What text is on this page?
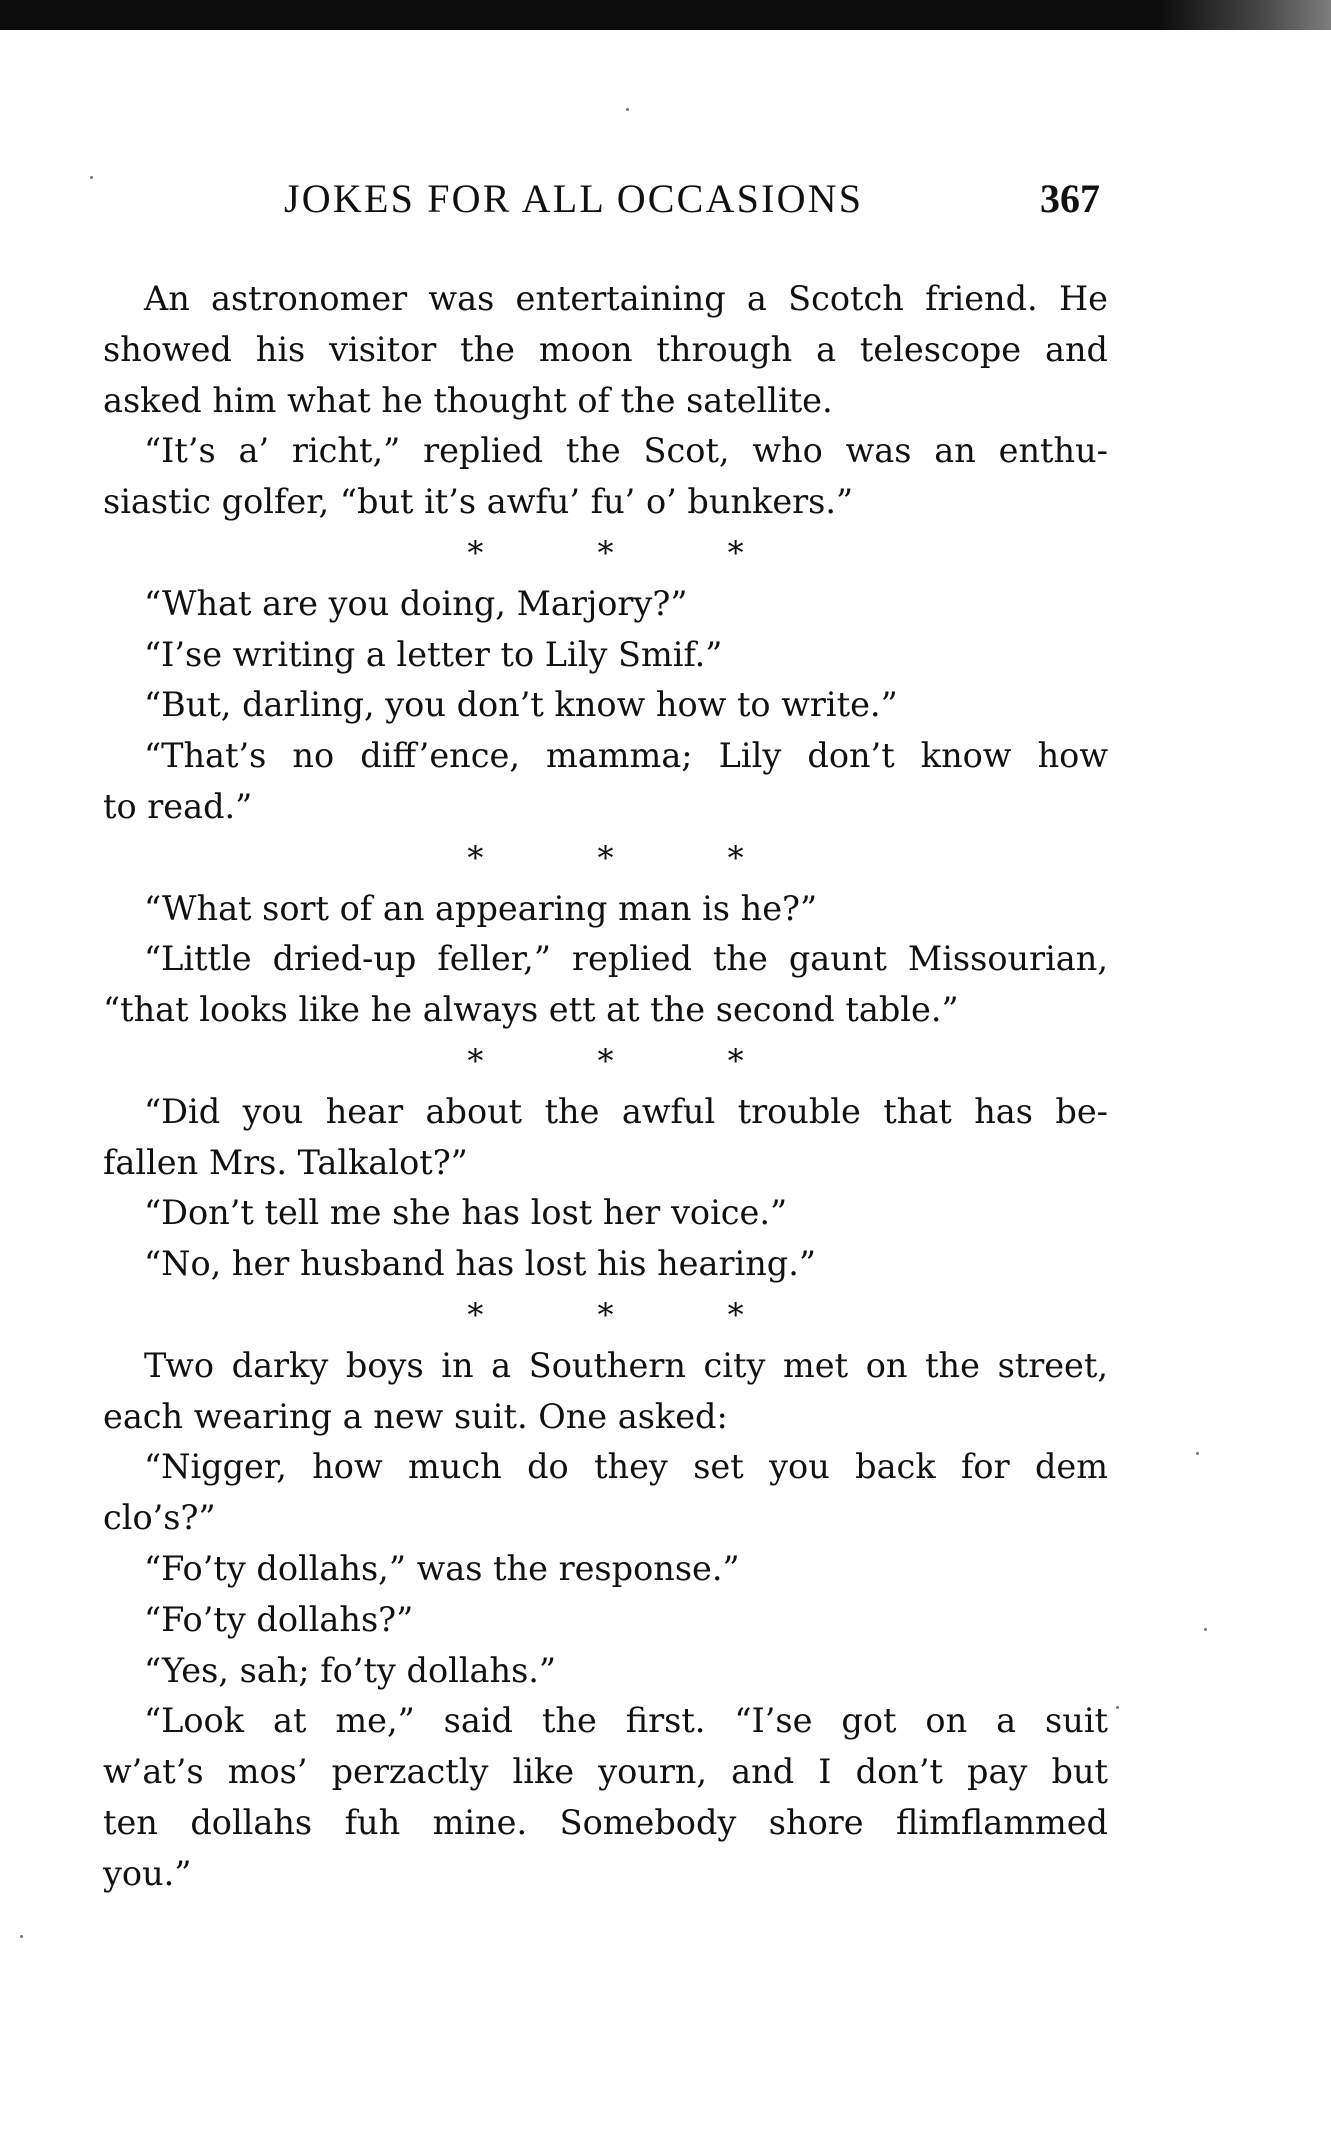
JOKES FOR ALL OCCASIONS	367
An astronomer was entertaining a Scotch friend. He
showed his visitor the moon through a telescope and
asked him what he thought of the satellite.
“It’s a’ richt,” replied the Scot, who was an enthu-
siastic golfer, “but it’s awfu’ fu’ o’ bunkers.”
* * *
“What are you doing, Marjory?”
“I’se writing a letter to Lily Smif.”
“But, darling, you don’t know how to write.”
“That’s no diff’ence, mamma; Lily don’t know how
to read.”
* * *
“What sort of an appearing man is he?”
“Little dried-up feller,” replied the gaunt Missourian,
“that looks like he always ett at the second table.”
* * *
“Did you hear about the awful trouble that has be-
fallen Mrs. Talkalot?”
“Don’t tell me she has lost her voice.”
“No, her husband has lost his hearing.”
* * *
Two darky boys in a Southern city met on the street,
each wearing a new suit. One asked:
“Nigger, how much do they set you back for dem
clo’s?”
“Fo’ty dollahs,” was the response.”
“Fo’ty dollahs?”
“Yes, sah; fo’ty dollahs.”
“Look at me,” said the first. “I’se got on a suit
w’at’s mos’ perzactly like yourn, and I don’t pay but
ten dollahs fuh mine. Somebody shore flimflammed
you.”
